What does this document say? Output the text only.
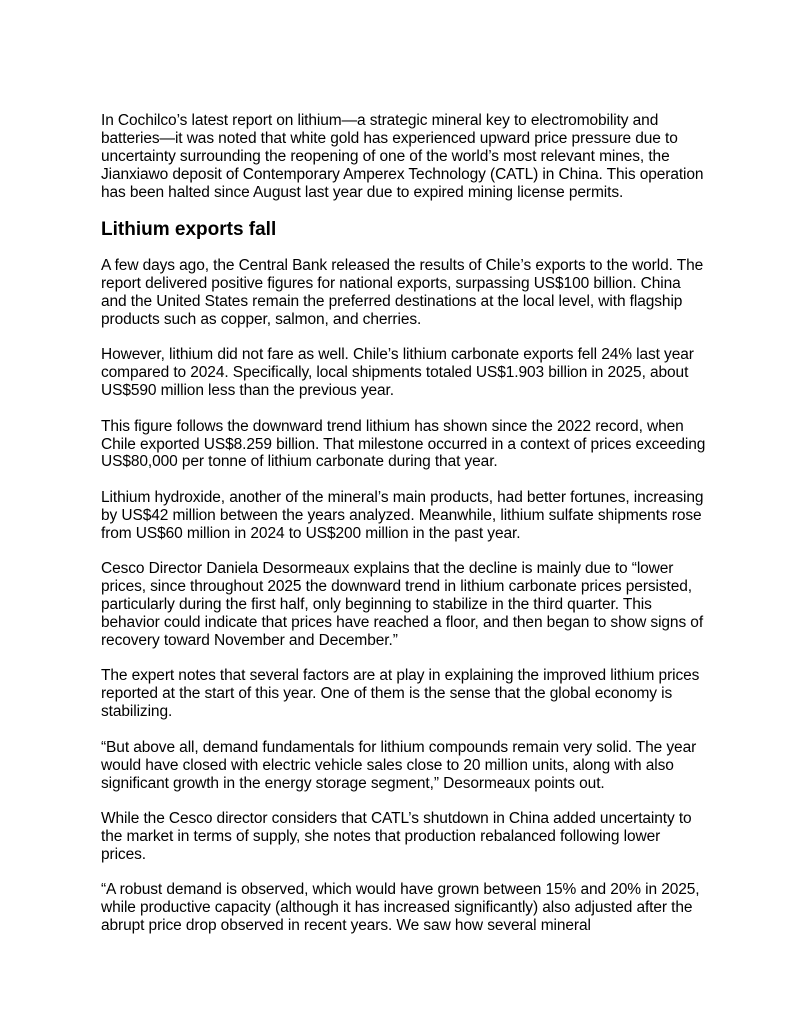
In Cochilco’s latest report on lithium—a strategic mineral key to electromobility and batteries—it was noted that white gold has experienced upward price pressure due to uncertainty surrounding the reopening of one of the world’s most relevant mines, the Jianxiawo deposit of Contemporary Amperex Technology (CATL) in China. This operation has been halted since August last year due to expired mining license permits.

Lithium exports fall

A few days ago, the Central Bank released the results of Chile’s exports to the world. The report delivered positive figures for national exports, surpassing US$100 billion. China and the United States remain the preferred destinations at the local level, with flagship products such as copper, salmon, and cherries.

However, lithium did not fare as well. Chile’s lithium carbonate exports fell 24% last year compared to 2024. Specifically, local shipments totaled US$1.903 billion in 2025, about US$590 million less than the previous year.

This figure follows the downward trend lithium has shown since the 2022 record, when Chile exported US$8.259 billion. That milestone occurred in a context of prices exceeding US$80,000 per tonne of lithium carbonate during that year.

Lithium hydroxide, another of the mineral’s main products, had better fortunes, increasing by US$42 million between the years analyzed. Meanwhile, lithium sulfate shipments rose from US$60 million in 2024 to US$200 million in the past year.

Cesco Director Daniela Desormeaux explains that the decline is mainly due to “lower prices, since throughout 2025 the downward trend in lithium carbonate prices persisted, particularly during the first half, only beginning to stabilize in the third quarter. This behavior could indicate that prices have reached a floor, and then began to show signs of recovery toward November and December.”

The expert notes that several factors are at play in explaining the improved lithium prices reported at the start of this year. One of them is the sense that the global economy is stabilizing.

“But above all, demand fundamentals for lithium compounds remain very solid. The year would have closed with electric vehicle sales close to 20 million units, along with also significant growth in the energy storage segment,” Desormeaux points out.

While the Cesco director considers that CATL’s shutdown in China added uncertainty to the market in terms of supply, she notes that production rebalanced following lower prices.

“A robust demand is observed, which would have grown between 15% and 20% in 2025, while productive capacity (although it has increased significantly) also adjusted after the abrupt price drop observed in recent years. We saw how several mineral
